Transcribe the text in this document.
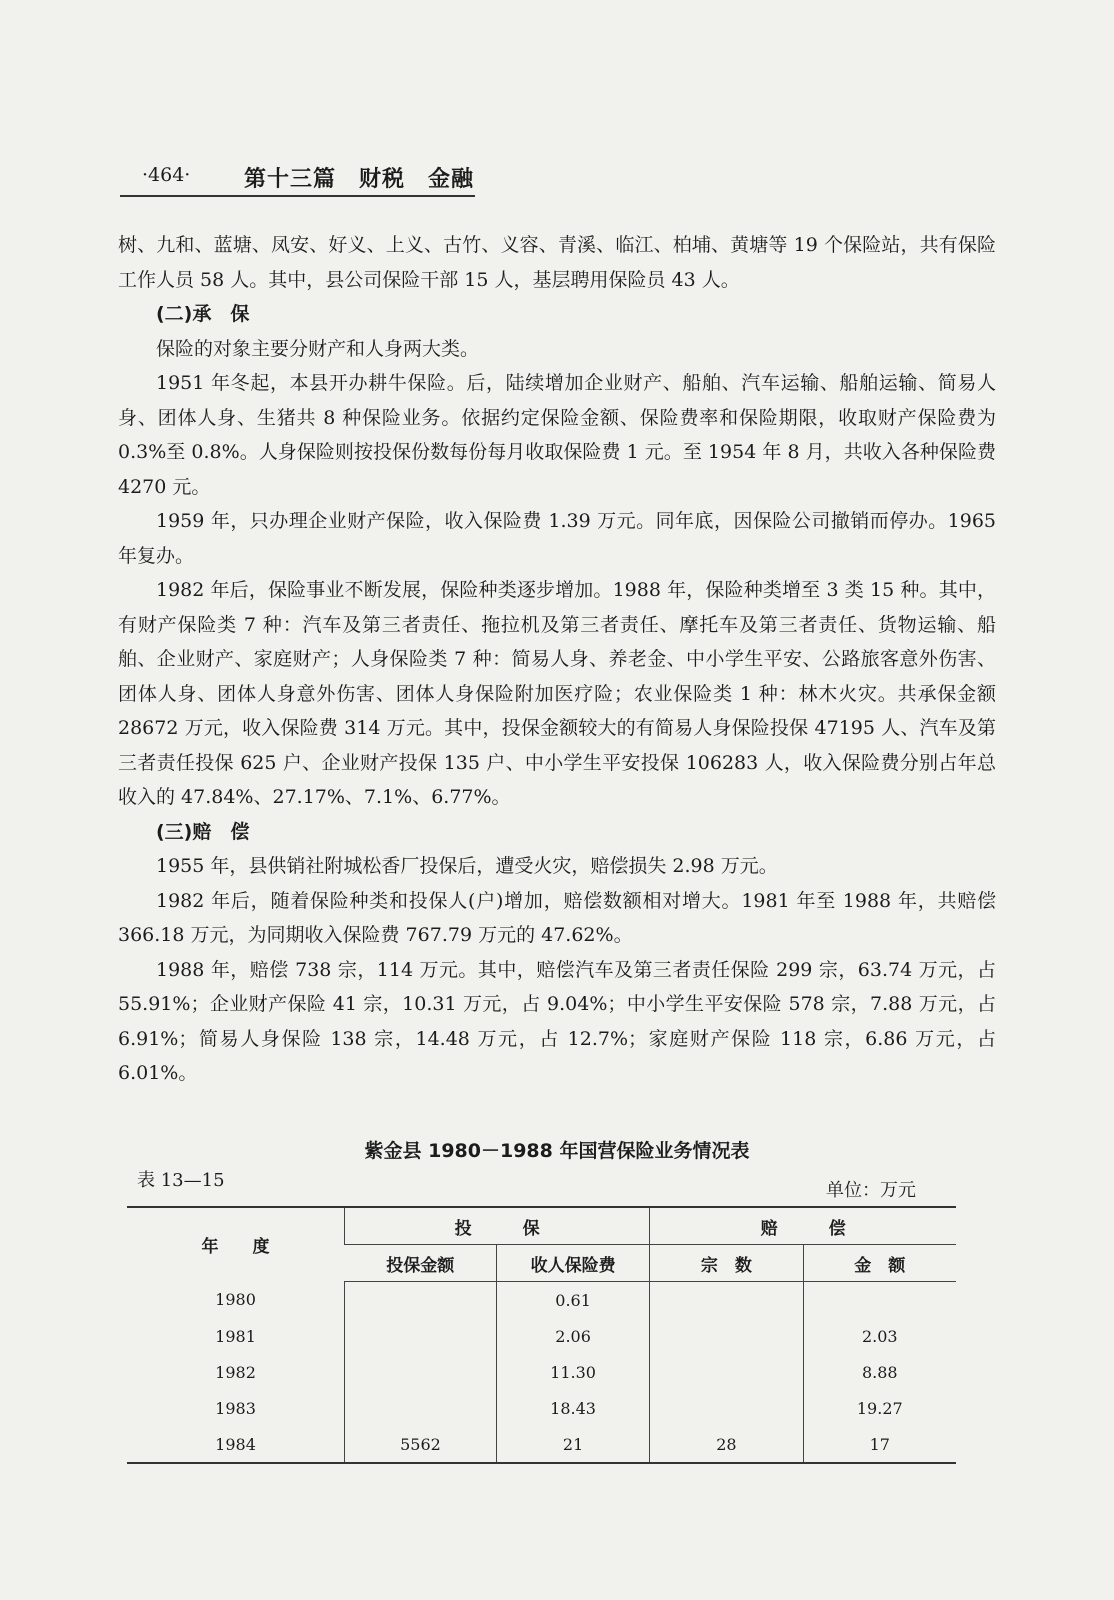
·464· 第十三篇　财税　金融

树、九和、蓝塘、凤安、好义、上义、古竹、义容、青溪、临江、柏埔、黄塘等 19 个保险站，共有保险工作人员 58 人。其中，县公司保险干部 15 人，基层聘用保险员 43 人。

(二)承　保

保险的对象主要分财产和人身两大类。

1951 年冬起，本县开办耕牛保险。后，陆续增加企业财产、船舶、汽车运输、船舶运输、简易人身、团体人身、生猪共 8 种保险业务。依据约定保险金额、保险费率和保险期限，收取财产保险费为 0.3%至 0.8%。人身保险则按投保份数每份每月收取保险费 1 元。至 1954 年 8 月，共收入各种保险费 4270 元。

1959 年，只办理企业财产保险，收入保险费 1.39 万元。同年底，因保险公司撤销而停办。1965 年复办。

1982 年后，保险事业不断发展，保险种类逐步增加。1988 年，保险种类增至 3 类 15 种。其中，有财产保险类 7 种：汽车及第三者责任、拖拉机及第三者责任、摩托车及第三者责任、货物运输、船舶、企业财产、家庭财产；人身保险类 7 种：简易人身、养老金、中小学生平安、公路旅客意外伤害、团体人身、团体人身意外伤害、团体人身保险附加医疗险；农业保险类 1 种：林木火灾。共承保金额 28672 万元，收入保险费 314 万元。其中，投保金额较大的有简易人身保险投保 47195 人、汽车及第三者责任投保 625 户、企业财产投保 135 户、中小学生平安投保 106283 人，收入保险费分别占年总收入的 47.84%、27.17%、7.1%、6.77%。

(三)赔　偿

1955 年，县供销社附城松香厂投保后，遭受火灾，赔偿损失 2.98 万元。

1982 年后，随着保险种类和投保人(户)增加，赔偿数额相对增大。1981 年至 1988 年，共赔偿 366.18 万元，为同期收入保险费 767.79 万元的 47.62%。

1988 年，赔偿 738 宗，114 万元。其中，赔偿汽车及第三者责任保险 299 宗，63.74 万元，占 55.91%；企业财产保险 41 宗，10.31 万元，占 9.04%；中小学生平安保险 578 宗，7.88 万元，占 6.91%；简易人身保险 138 宗，14.48 万元，占 12.7%；家庭财产保险 118 宗，6.86 万元，占 6.01%。

紫金县 1980－1988 年国营保险业务情况表
表 13—15	单位：万元
年　　度	投　　　保		赔　　　偿	
	投保金额	收人保险费	宗　数	金　额
1980		0.61		
1981		2.06		2.03
1982		11.30		8.88
1983		18.43		19.27
1984	5562	21	28	17
